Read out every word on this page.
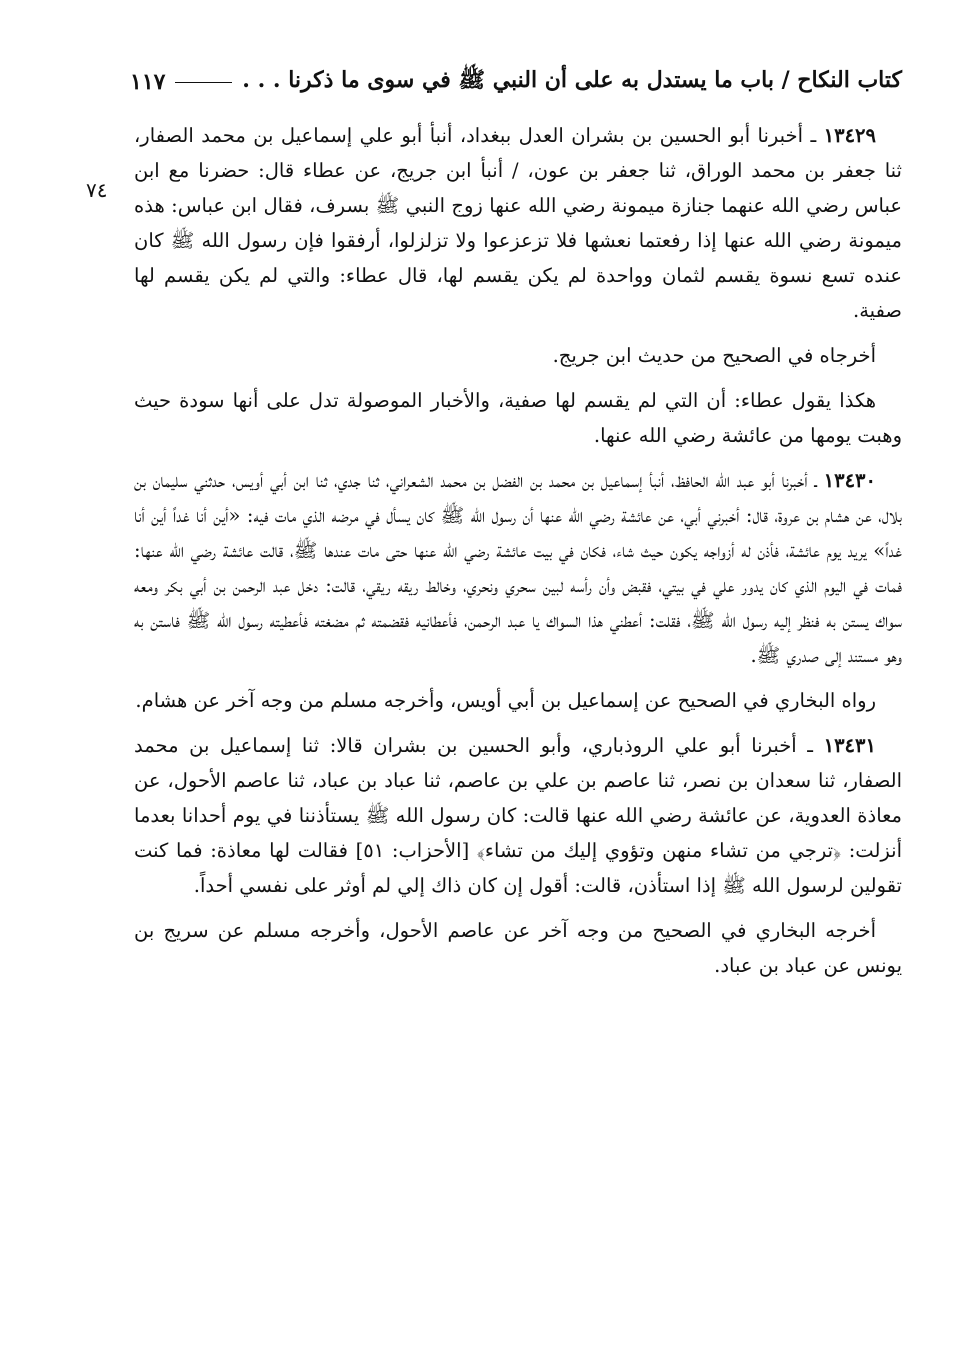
كتاب النكاح / باب ما يستدل به على أن النبي ﷺ في سوى ما ذكرنا . . .
١١٧
٧٤

١٣٤٢٩ ـ أخبرنا أبو الحسين بن بشران العدل ببغداد، أنبأ أبو علي إسماعيل بن محمد الصفار، ثنا جعفر بن محمد الوراق، ثنا جعفر بن عون، / أنبأ ابن جريج، عن عطاء قال: حضرنا مع ابن عباس رضي الله عنهما جنازة ميمونة رضي الله عنها زوج النبي ﷺ بسرف، فقال ابن عباس: هذه ميمونة رضي الله عنها إذا رفعتما نعشها فلا تزعزعوا ولا تزلزلوا، أرفقوا فإن رسول الله ﷺ كان عنده تسع نسوة يقسم لثمان وواحدة لم يكن يقسم لها، قال عطاء: والتي لم يكن يقسم لها صفية.

أخرجاه في الصحيح من حديث ابن جريج.

هكذا يقول عطاء: أن التي لم يقسم لها صفية، والأخبار الموصولة تدل على أنها سودة حيث وهبت يومها من عائشة رضي الله عنها.

١٣٤٣٠ ـ أخبرنا أبو عبد الله الحافظ، أنبأ إسماعيل بن محمد بن الفضل بن محمد الشعراني، ثنا جدي، ثنا ابن أبي أويس، حدثني سليمان بن بلال، عن هشام بن عروة، قال: أخبرني أبي، عن عائشة رضي الله عنها أن رسول الله ﷺ كان يسأل في مرضه الذي مات فيه: «أين أنا غداً أين أنا غداً» يريد يوم عائشة، فأذن له أزواجه يكون حيث شاء، فكان في بيت عائشة رضي الله عنها حتى مات عندها ﷺ، قالت عائشة رضي الله عنها: فمات في اليوم الذي كان يدور علي في بيتي، فقبض وأن رأسه لبين سحري ونحري، وخالط ريقه ريقي، قالت: دخل عبد الرحمن بن أبي بكر ومعه سواك يستن به فنظر إليه رسول الله ﷺ، فقلت: أعطني هذا السواك يا عبد الرحمن، فأعطانيه فقضمته ثم مضغته فأعطيته رسول الله ﷺ فاستن به وهو مستند إلى صدري ﷺ.

رواه البخاري في الصحيح عن إسماعيل بن أبي أويس، وأخرجه مسلم من وجه آخر عن هشام.

١٣٤٣١ ـ أخبرنا أبو علي الروذباري، وأبو الحسين بن بشران قالا: ثنا إسماعيل بن محمد الصفار، ثنا سعدان بن نصر، ثنا عاصم بن علي بن عاصم، ثنا عباد بن عباد، ثنا عاصم الأحول، عن معاذة العدوية، عن عائشة رضي الله عنها قالت: كان رسول الله ﷺ يستأذننا في يوم أحدانا بعدما أنزلت: ﴿ترجي من تشاء منهن وتؤوي إليك من تشاء﴾ [الأحزاب: ٥١] فقالت لها معاذة: فما كنت تقولين لرسول الله ﷺ إذا استأذن، قالت: أقول إن كان ذاك إلي لم أوثر على نفسي أحداً.

أخرجه البخاري في الصحيح من وجه آخر عن عاصم الأحول، وأخرجه مسلم عن سريج بن يونس عن عباد بن عباد.
